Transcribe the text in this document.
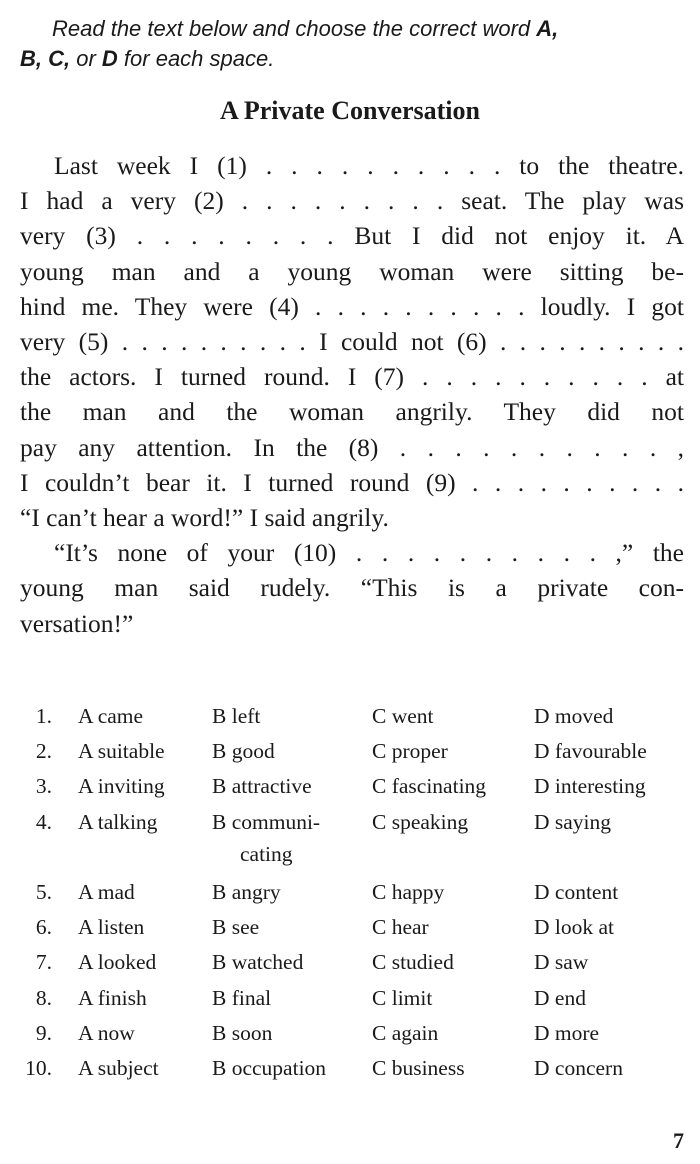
Read the text below and choose the correct word A,
B, C, or D for each space.
A Private Conversation
Last week I (1) . . . . . . . . . . to the theatre.
I had a very (2) . . . . . . . . . seat. The play was
very (3) . . . . . . . . But I did not enjoy it. A
young man and a young woman were sitting be-
hind me. They were (4) . . . . . . . . . . loudly. I got
very (5) . . . . . . . . . . I could not (6) . . . . . . . . . .
the actors. I turned round. I (7) . . . . . . . . . . at
the man and the woman angrily. They did not
pay any attention. In the (8) . . . . . . . . . . ,
I couldn’t bear it. I turned round (9) . . . . . . . . . .
“I can’t hear a word!” I said angrily.
“It’s none of your (10) . . . . . . . . . . ,” the
young man said rudely. “This is a private con-
versation!”
1. A came	B left	C went	D moved
2. A suitable B good	C proper	D favourable
3. A inviting B attractive	C fascinating D interesting
4. A talking	B communi-
cating
C speaking	D saying
5. A mad	B angry	C happy	D content
6. A listen	B see	C hear	D look at
7. A looked	B watched	C studied	D saw
8. A finish	B final	C limit	D end
9. A now	B soon	C again	D more
10. A subject B occupation C business	D concern
7
